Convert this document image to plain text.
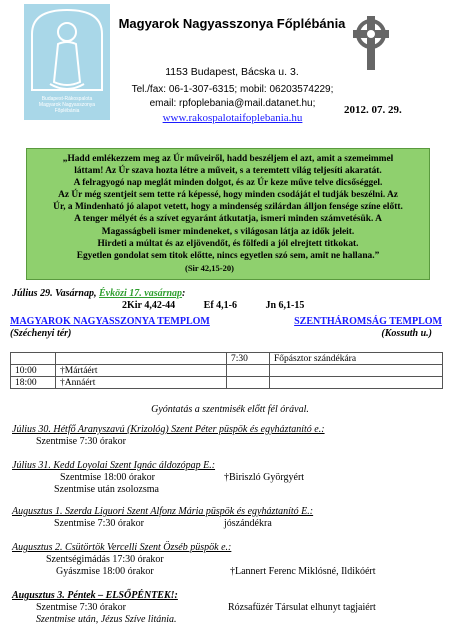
Budapest-Rákospalota
Magyarok Nagyasszonya
Főplébánia
Magyarok Nagyasszonya Főplébánia
1153 Budapest, Bácska u. 3.
Tel./fax: 06-1-307-6315; mobil: 06203574229;
email: rpfoplebania@mail.datanet.hu;
www.rakospalotaifoplebania.hu
2012. 07. 29.

„Hadd emlékezzem meg az Úr műveiről, hadd beszéljem el azt, amit a szemeimmel

láttam! Az Úr szava hozta létre a műveit, s a teremtett világ teljesíti akaratát.

A felragyogó nap meglát minden dolgot, és az Úr keze műve telve dicsőséggel.

Az Úr még szentjeit sem tette rá képessé, hogy minden csodáját el tudják beszélni. Az

Úr, a Mindenható jó alapot vetett, hogy a mindenség szilárdan álljon fensége színe előtt.

A tenger mélyét és a szívet egyaránt átkutatja, ismeri minden számvetésük. A

Magasságbeli ismer mindeneket, s világosan látja az idők jeleit.

Hirdeti a múltat és az eljövendőt, és fölfedi a jól elrejtett titkokat.

Egyetlen gondolat sem titok előtte, nincs egyetlen szó sem, amit ne hallana.”

(Sir 42,15-20)

Július 29. Vasárnap, Évközi 17. vasárnap:
2Kir 4,42-44	Ef 4,1-6	Jn 6,1-15
MAGYAROK NAGYASSZONYA TEMPLOM	SZENTHÁROMSÁG TEMPLOM
(Széchenyi tér)	(Kossuth u.)
		7:30	Főpásztor szándékára
10:00	†Mártáért		
18:00	†Annáért		
Gyóntatás a szentmisék előtt fél órával.
Július 30. Hétfő Aranyszavú (Krizológ) Szent Péter püspök és egyháztanító e.:
Szentmise 7:30 órakor
Július 31. Kedd Loyolai Szent Ignác áldozópap E.:
Szentmise 18:00 órakor	†Biriszló Györgyért
Szentmise után zsolozsma
Augusztus 1. Szerda Liguori Szent Alfonz Mária püspök és egyháztanító E.:
Szentmise 7:30 órakor	jószándékra
Augusztus 2. Csütörtök Vercelli Szent Özséb püspök e.:
Szentségimádás 17:30 órakor
Gyászmise 18:00 órakor	†Lannert Ferenc Miklósné, Ildikóért
Augusztus 3. Péntek – ELSŐPÉNTEK!:
Szentmise 7:30 órakor	Rózsafüzér Társulat elhunyt tagjaiért
Szentmise után, Jézus Szíve litánia.
